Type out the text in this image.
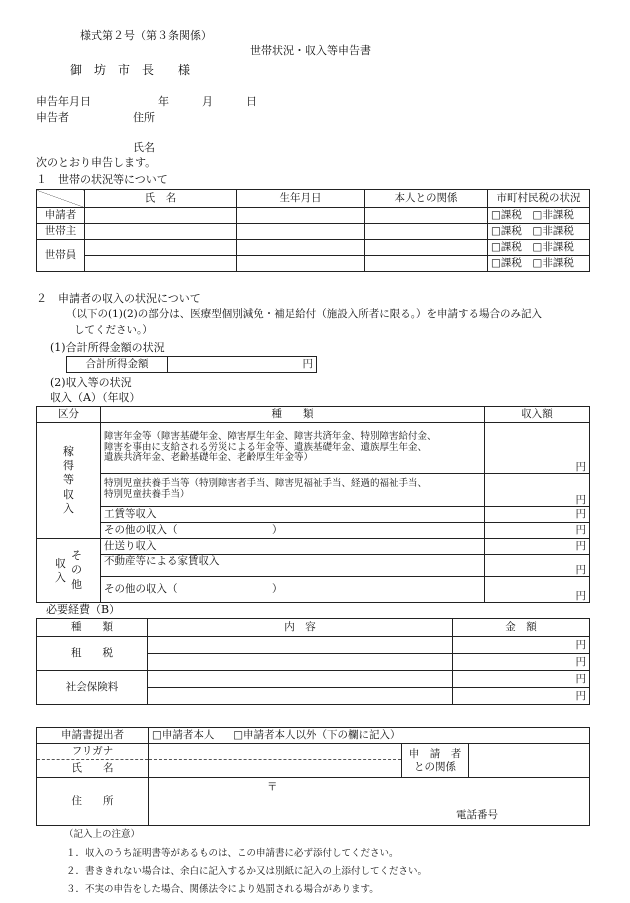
様式第２号（第３条関係）
世帯状況・収入等申告書
御　坊　市　長　　様
申告年月日	年　　　月　　　日
申告者	住所
氏名
次のとおり申告します。
１　世帯の状況等について
	氏　名	生年月日	本人との関係	市町村民税の状況
申請者				□課税　□非課税
世帯主				□課税　□非課税
世帯員				□課税　□非課税
				□課税　□非課税
２　申請者の収入の状況について
（以下の(1)(2)の部分は、医療型個別減免・補足給付（施設入所者に限る。）を申請する場合のみ記入
してください。）
(1)合計所得金額の状況
合計所得金額	円
(2)収入等の状況
収入（A）（年収）
区分	種　　類	収入額

稼得等収入	障害年金等（障害基礎年金、障害厚生年金、障害共済年金、特別障害給付金、
障害を事由に支給される労災による年金等、遺族基礎年金、遺族厚生年金、
遺族共済年金、老齢基礎年金、老齢厚生年金等）	円

	特別児童扶養手当等（特別障害者手当、障害児福祉手当、経過的福祉手当、
特別児童扶養手当）	円
	工賃等収入	円
	その他の収入（　　　　　　　　　）	円

収入
その他	仕送り収入	円
	不動産等による家賃収入	円
	その他の収入（　　　　　　　　　）	円
必要経費（B）
種　　類	内　容	金　額
租　　税		円
		円
社会保険料		円
		円
申請書提出者	□申請者本人 □申請者本人以外（下の欄に記入）		
フリガナ		申　請　者
との関係	

氏　　名			
住　　所	〒
電話番号		
（記入上の注意）
１．収入のうち証明書等があるものは、この申請書に必ず添付してください。
２．書ききれない場合は、余白に記入するか又は別紙に記入の上添付してください。
３．不実の申告をした場合、関係法令により処罰される場合があります。
